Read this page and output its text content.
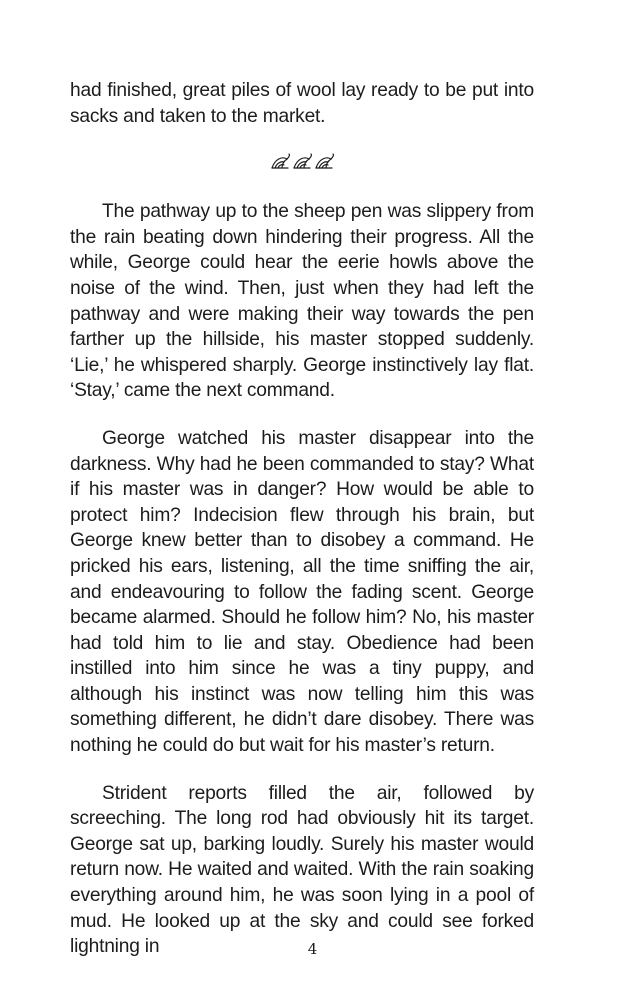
had finished, great piles of wool lay ready to be put into sacks and taken to the market.

The pathway up to the sheep pen was slippery from the rain beating down hindering their progress. All the while, George could hear the eerie howls above the noise of the wind. Then, just when they had left the pathway and were making their way towards the pen farther up the hillside, his master stopped suddenly. ‘Lie,’ he whispered sharply. George instinctively lay flat. ‘Stay,’ came the next command.

George watched his master disappear into the darkness. Why had he been commanded to stay? What if his master was in danger? How would be able to protect him? Indecision flew through his brain, but George knew better than to disobey a command. He pricked his ears, listening, all the time sniffing the air, and endeavouring to follow the fading scent. George became alarmed. Should he follow him? No, his master had told him to lie and stay. Obedience had been instilled into him since he was a tiny puppy, and although his instinct was now telling him this was something different, he didn’t dare disobey. There was nothing he could do but wait for his master’s return.

Strident reports filled the air, followed by screeching. The long rod had obviously hit its target. George sat up, barking loudly. Surely his master would return now. He waited and waited. With the rain soaking everything around him, he was soon lying in a pool of mud. He looked up at the sky and could see forked lightning in	4
